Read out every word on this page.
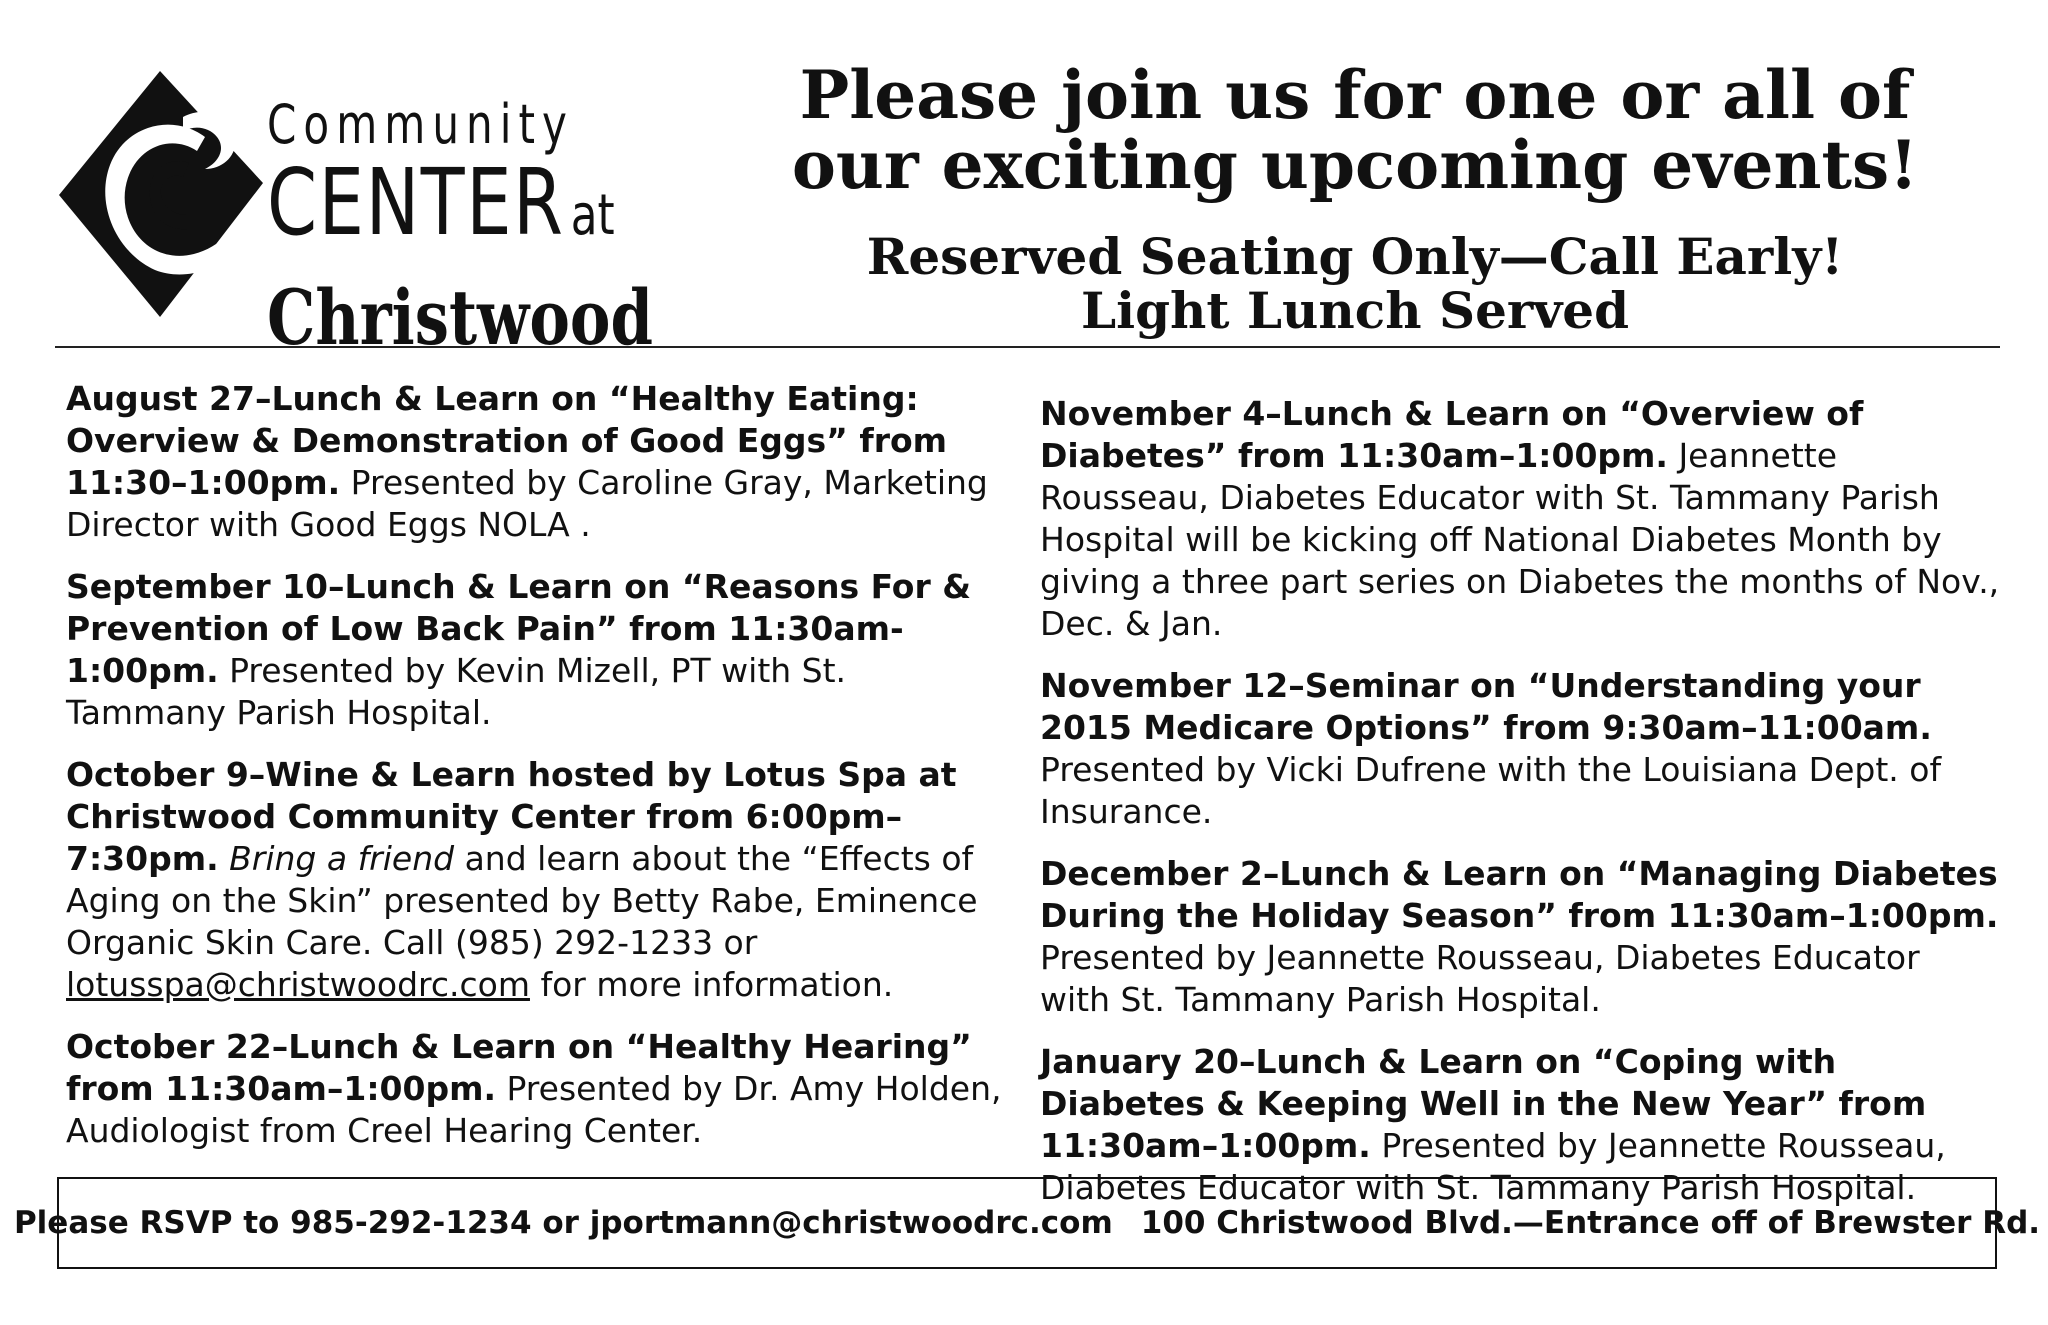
Community
CENTER at
Christwood
Please join us for one or all of
our exciting upcoming events!
Reserved Seating Only—Call Early!
Light Lunch Served
August 27–Lunch & Learn on “Healthy Eating: Overview & Demonstration of Good Eggs” from 11:30–1:00pm. Presented by Caroline Gray, Marketing Director with Good Eggs NOLA .
September 10–Lunch & Learn on “Reasons For & Prevention of Low Back Pain” from 11:30am-1:00pm. Presented by Kevin Mizell, PT with St. Tammany Parish Hospital.
October 9–Wine & Learn hosted by Lotus Spa at Christwood Community Center from 6:00pm–7:30pm. Bring a friend and learn about the “Effects of Aging on the Skin” presented by Betty Rabe, Eminence Organic Skin Care. Call (985) 292-1233 or lotusspa@christwoodrc.com for more information.
October 22–Lunch & Learn on “Healthy Hearing” from 11:30am–1:00pm. Presented by Dr. Amy Holden, Audiologist from Creel Hearing Center.
November 4–Lunch & Learn on “Overview of Diabetes” from 11:30am–1:00pm. Jeannette Rousseau, Diabetes Educator with St. Tammany Parish Hospital will be kicking off National Diabetes Month by giving a three part series on Diabetes the months of Nov., Dec. & Jan.
November 12–Seminar on “Understanding your 2015 Medicare Options” from 9:30am–11:00am. Presented by Vicki Dufrene with the Louisiana Dept. of Insurance.
December 2–Lunch & Learn on “Managing Diabetes During the Holiday Season” from 11:30am–1:00pm. Presented by Jeannette Rousseau, Diabetes Educator with St. Tammany Parish Hospital.
January 20–Lunch & Learn on “Coping with Diabetes & Keeping Well in the New Year” from 11:30am–1:00pm. Presented by Jeannette Rousseau, Diabetes Educator with St. Tammany Parish Hospital.
Please RSVP to 985-292-1234 or jportmann@christwoodrc.com 100 Christwood Blvd.—Entrance off of Brewster Rd.
